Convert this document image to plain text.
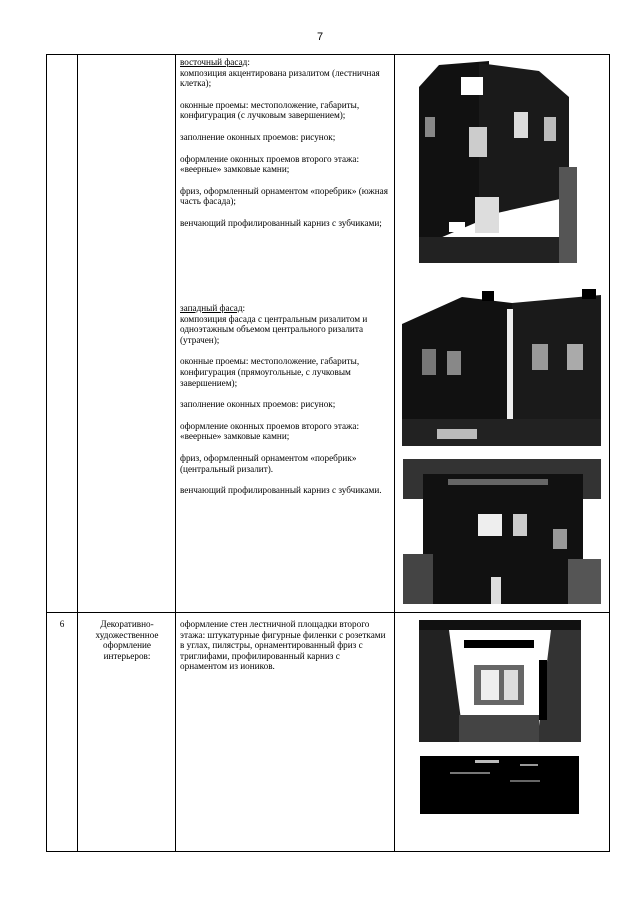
7

восточный фасад:

композиция акцентирована ризалитом (лестничная клетка);

оконные проемы: местоположение, габариты, конфигурация (с лучковым завершением);

заполнение оконных проемов: рисунок;

оформление оконных проемов второго этажа: «веерные» замковые камни;

фриз, оформленный орнаментом «поребрик» (южная часть фасада);

венчающий профилированный карниз с зубчиками;

западный фасад:

композиция фасада с центральным ризалитом и одноэтажным объемом центрального ризалита (утрачен);

оконные проемы: местоположение, габариты, конфигурация (прямоугольные, с лучковым завершением);

заполнение оконных проемов: рисунок;

оформление оконных проемов второго этажа: «веерные» замковые камни;

фриз, оформленный орнаментом «поребрик» (центральный ризалит).

венчающий профилированный карниз с зубчиками.

6	Декоративно-художественное оформление интерьеров:
оформление стен лестничной площадки второго этажа: штукатурные фигурные филенки с розетками в углах, пилястры, орнаментированный фриз с триглифами, профилированный карниз с орнаментом из иоников.
